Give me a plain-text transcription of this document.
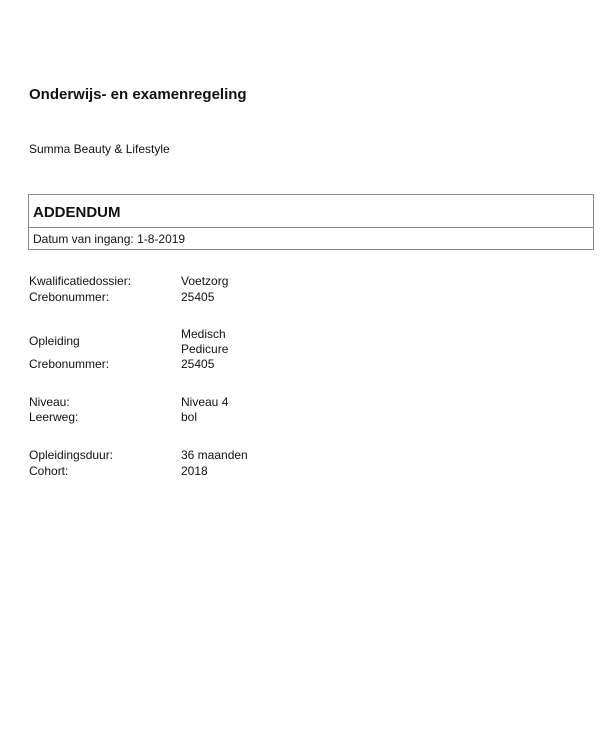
Onderwijs- en examenregeling
Summa Beauty & Lifestyle
ADDENDUM
Datum van ingang: 1-8-2019
Kwalificatiedossier:	Voetzorg
Crebonummer:	25405
Opleiding	Medisch
Pedicure
Crebonummer:	25405
Niveau:	Niveau 4
Leerweg:	bol
Opleidingsduur:	36 maanden
Cohort:	2018
